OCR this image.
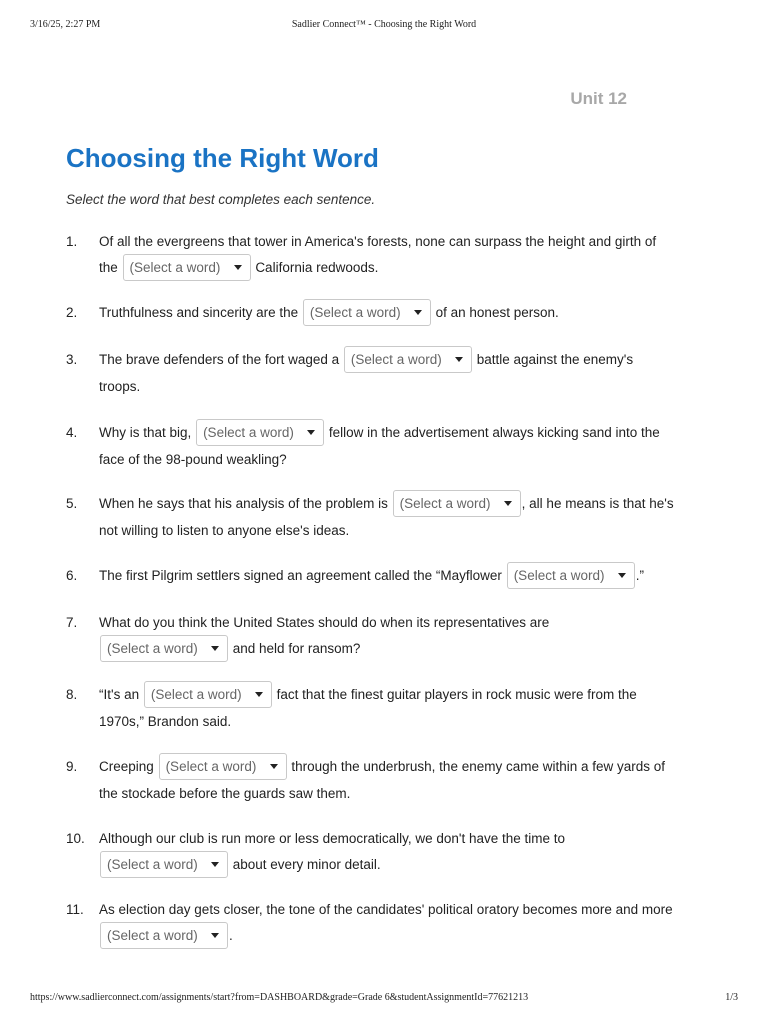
3/16/25, 2:27 PM	Sadlier Connect™ - Choosing the Right Word
Unit 12
Choosing the Right Word
Select the word that best completes each sentence.
1.	Of all the evergreens that tower in America's forests, none can surpass the height and girth of the (Select a word)	California redwoods.
2.	Truthfulness and sincerity are the (Select a word)	of an honest person.
3.	The brave defenders of the fort waged a (Select a word)	battle against the enemy's troops.
4.	Why is that big, (Select a word)	fellow in the advertisement always kicking sand into the face of the 98-pound weakling?
5.	When he says that his analysis of the problem is (Select a word) , all he means is that he's not willing to listen to anyone else's ideas.
6.	The first Pilgrim settlers signed an agreement called the “Mayflower (Select a word) .”
7.	What do you think the United States should do when its representatives are
(Select a word)	and held for ransom?
8.	“It's an (Select a word)	fact that the finest guitar players in rock music were from the 1970s,” Brandon said.
9.	Creeping (Select a word)	through the underbrush, the enemy came within a few yards of the stockade before the guards saw them.
10.	Although our club is run more or less democratically, we don't have the time to
(Select a word)	about every minor detail.
11.	As election day gets closer, the tone of the candidates' political oratory becomes more and more
(Select a word) .
https://www.sadlierconnect.com/assignments/start?from=DASHBOARD&grade=Grade 6&studentAssignmentId=77621213	1/3
